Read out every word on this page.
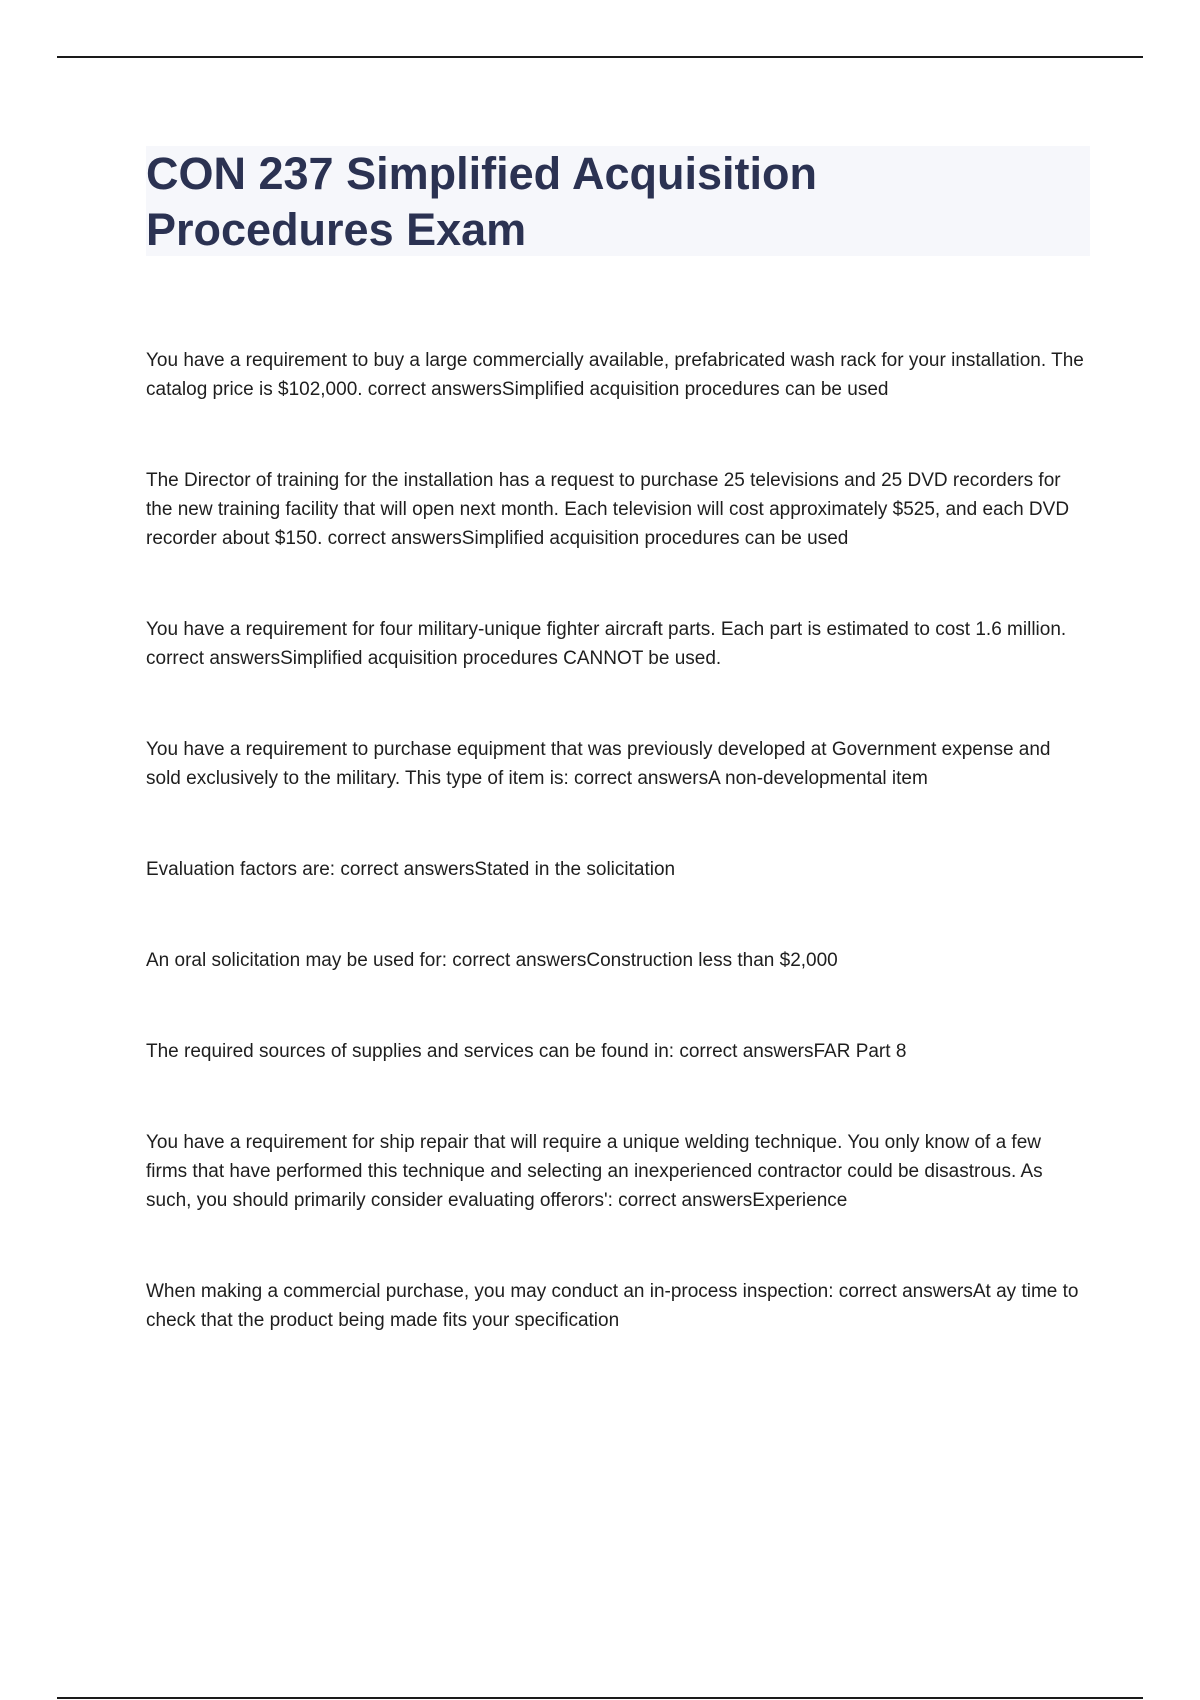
CON 237 Simplified Acquisition Procedures Exam
You have a requirement to buy a large commercially available, prefabricated wash rack for your installation. The catalog price is $102,000. correct answersSimplified acquisition procedures can be used
The Director of training for the installation has a request to purchase 25 televisions and 25 DVD recorders for the new training facility that will open next month. Each television will cost approximately $525, and each DVD recorder about $150. correct answersSimplified acquisition procedures can be used
You have a requirement for four military-unique fighter aircraft parts. Each part is estimated to cost 1.6 million. correct answersSimplified acquisition procedures CANNOT be used.
You have a requirement to purchase equipment that was previously developed at Government expense and sold exclusively to the military. This type of item is: correct answersA non-developmental item
Evaluation factors are: correct answersStated in the solicitation
An oral solicitation may be used for: correct answersConstruction less than $2,000
The required sources of supplies and services can be found in: correct answersFAR Part 8
You have a requirement for ship repair that will require a unique welding technique. You only know of a few firms that have performed this technique and selecting an inexperienced contractor could be disastrous. As such, you should primarily consider evaluating offerors': correct answersExperience
When making a commercial purchase, you may conduct an in-process inspection: correct answersAt ay time to check that the product being made fits your specification
